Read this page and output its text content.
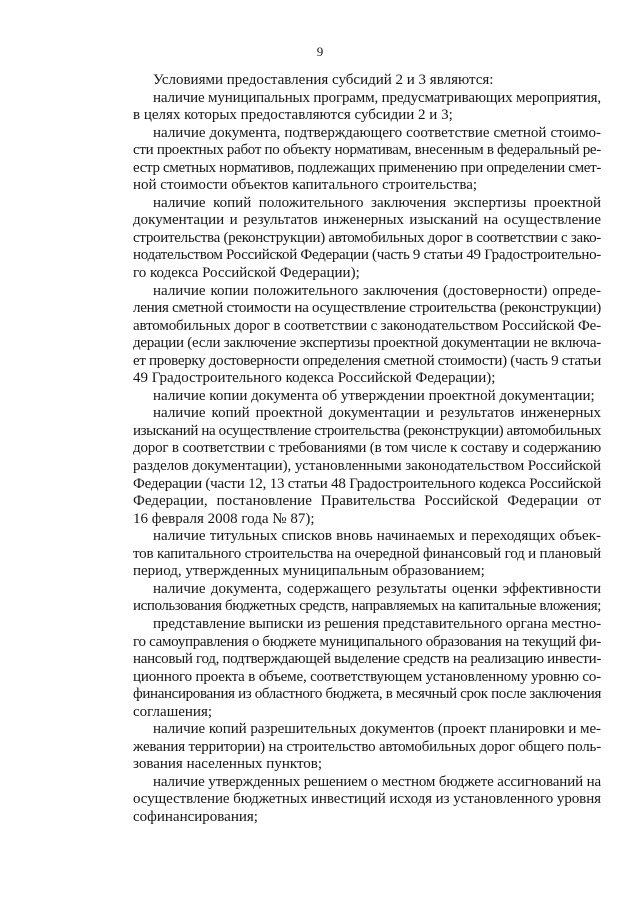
9
Условиями предоставления субсидий 2 и 3 являются:
наличие муниципальных программ, предусматривающих мероприятия,
в целях которых предоставляются субсидии 2 и 3;
наличие документа, подтверждающего соответствие сметной стоимо-
сти проектных работ по объекту нормативам, внесенным в федеральный ре-
естр сметных нормативов, подлежащих применению при определении смет-
ной стоимости объектов капитального строительства;
наличие копий положительного заключения экспертизы проектной
документации и результатов инженерных изысканий на осуществление
строительства (реконструкции) автомобильных дорог в соответствии с зако-
нодательством Российской Федерации (часть 9 статьи 49 Градостроительно-
го кодекса Российской Федерации);
наличие копии положительного заключения (достоверности) опреде-
ления сметной стоимости на осуществление строительства (реконструкции)
автомобильных дорог в соответствии с законодательством Российской Фе-
дерации (если заключение экспертизы проектной документации не включа-
ет проверку достоверности определения сметной стоимости) (часть 9 статьи
49 Градостроительного кодекса Российской Федерации);
наличие копии документа об утверждении проектной документации;
наличие копий проектной документации и результатов инженерных
изысканий на осуществление строительства (реконструкции) автомобильных
дорог в соответствии с требованиями (в том числе к составу и содержанию
разделов документации), установленными законодательством Российской
Федерации (части 12, 13 статьи 48 Градостроительного кодекса Российской
Федерации, постановление Правительства Российской Федерации от
16 февраля 2008 года № 87);
наличие титульных списков вновь начинаемых и переходящих объек-
тов капитального строительства на очередной финансовый год и плановый
период, утвержденных муниципальным образованием;
наличие документа, содержащего результаты оценки эффективности
использования бюджетных средств, направляемых на капитальные вложения;
представление выписки из решения представительного органа местно-
го самоуправления о бюджете муниципального образования на текущий фи-
нансовый год, подтверждающей выделение средств на реализацию инвести-
ционного проекта в объеме, соответствующем установленному уровню со-
финансирования из областного бюджета, в месячный срок после заключения
соглашения;
наличие копий разрешительных документов (проект планировки и ме-
жевания территории) на строительство автомобильных дорог общего поль-
зования населенных пунктов;
наличие утвержденных решением о местном бюджете ассигнований на
осуществление бюджетных инвестиций исходя из установленного уровня
софинансирования;
